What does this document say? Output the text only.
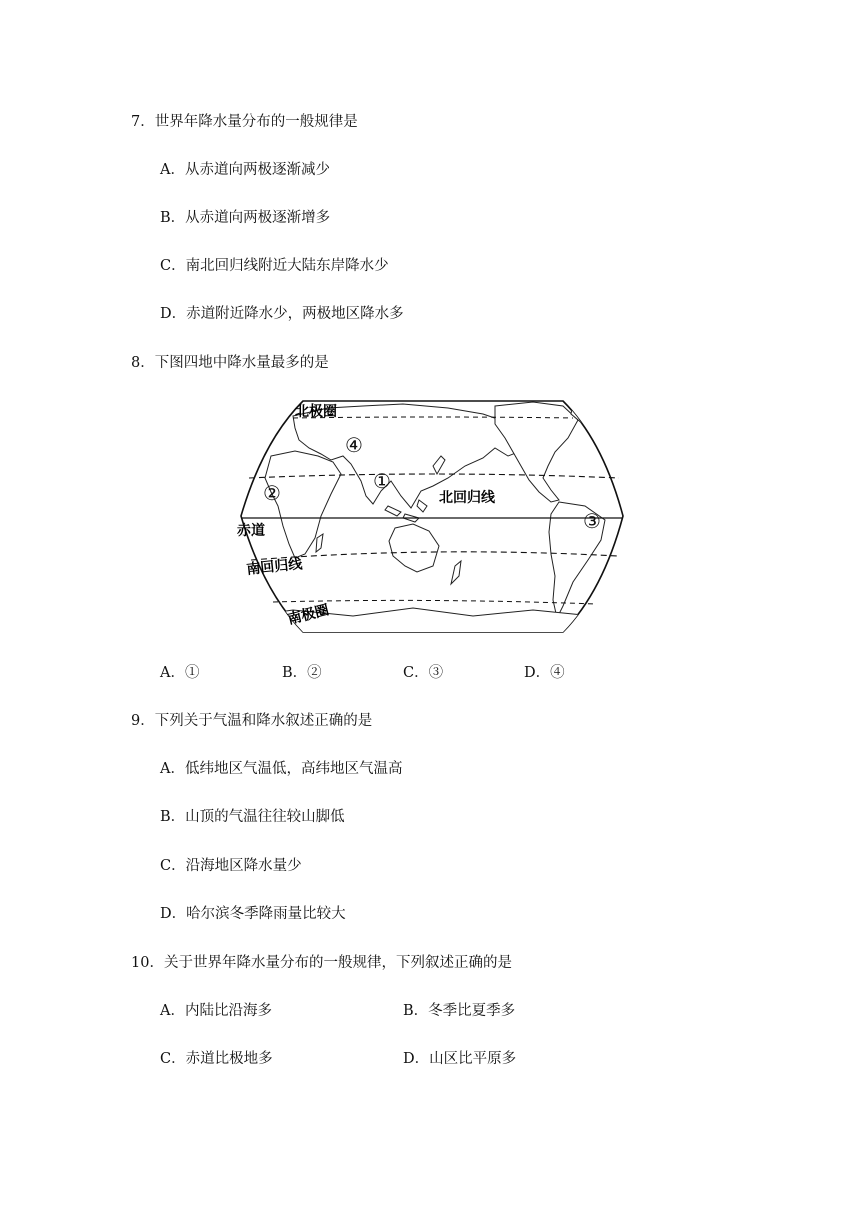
7．世界年降水量分布的一般规律是
A．从赤道向两极逐渐减少
B．从赤道向两极逐渐增多
C．南北回归线附近大陆东岸降水少
D．赤道附近降水少，两极地区降水多
8．下图四地中降水量最多的是
北极圈
北回归线
赤道
南回归线
南极圈
①
②
③
④
A．①	B．②	C．③	D．④
9．下列关于气温和降水叙述正确的是
A．低纬地区气温低，高纬地区气温高
B．山顶的气温往往较山脚低
C．沿海地区降水量少
D．哈尔滨冬季降雨量比较大
10．关于世界年降水量分布的一般规律，下列叙述正确的是
A．内陆比沿海多	B．冬季比夏季多
C．赤道比极地多	D．山区比平原多
